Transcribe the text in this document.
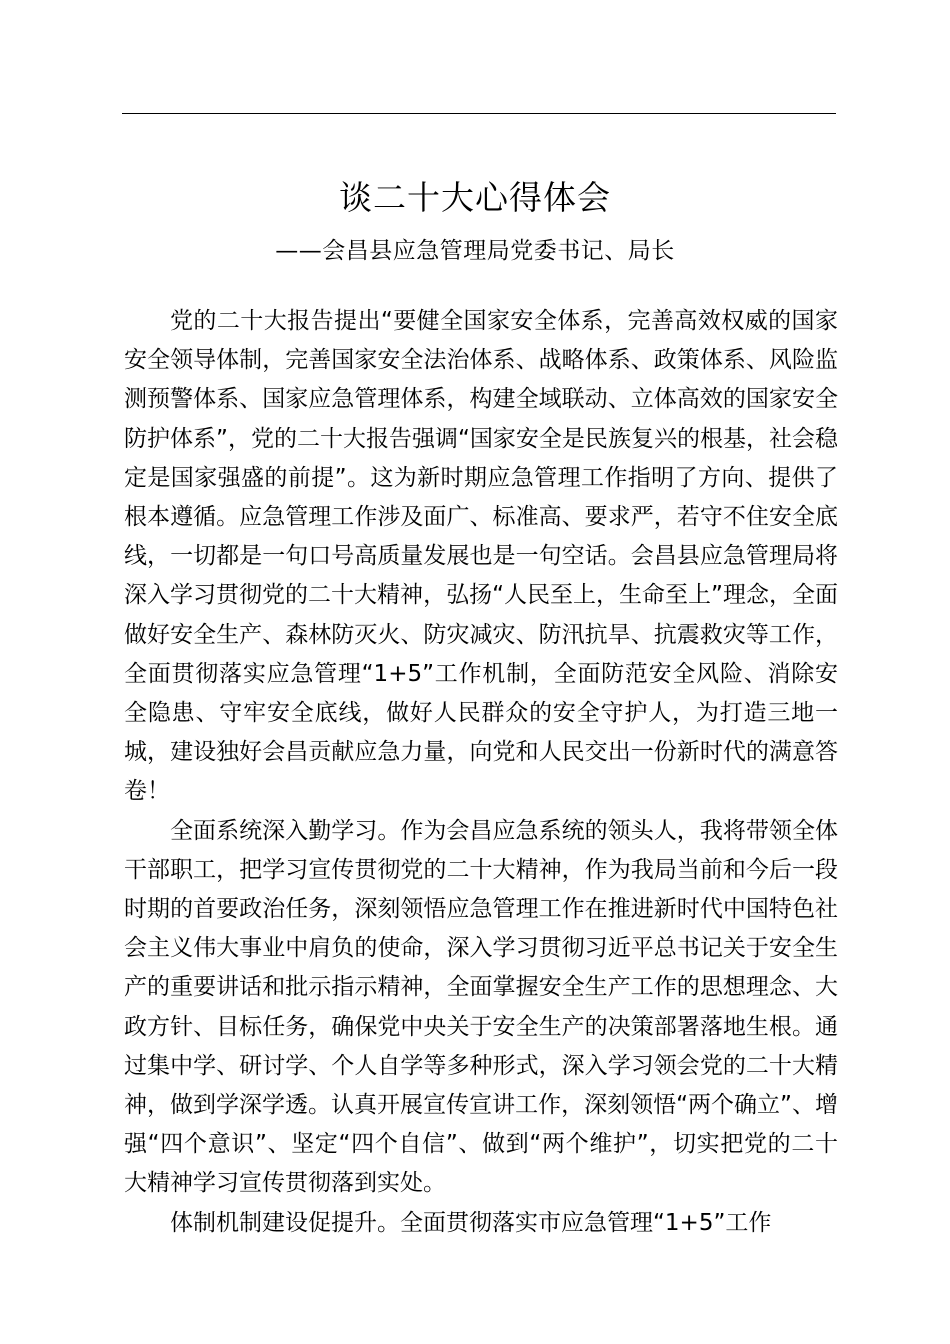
谈二十大心得体会
——会昌县应急管理局党委书记、局长

党的二十大报告提出“要健全国家安全体系，完善高效权威的国家安全领导体制，完善国家安全法治体系、战略体系、政策体系、风险监测预警体系、国家应急管理体系，构建全域联动、立体高效的国家安全防护体系”，党的二十大报告强调“国家安全是民族复兴的根基，社会稳定是国家强盛的前提”。这为新时期应急管理工作指明了方向、提供了根本遵循。应急管理工作涉及面广、标准高、要求严，若守不住安全底线，一切都是一句口号高质量发展也是一句空话。会昌县应急管理局将深入学习贯彻党的二十大精神，弘扬“人民至上，生命至上”理念，全面做好安全生产、森林防灭火、防灾减灾、防汛抗旱、抗震救灾等工作，全面贯彻落实应急管理“1+5”工作机制，全面防范安全风险、消除安全隐患、守牢安全底线，做好人民群众的安全守护人，为打造三地一城，建设独好会昌贡献应急力量，向党和人民交出一份新时代的满意答卷！

全面系统深入勤学习。作为会昌应急系统的领头人，我将带领全体干部职工，把学习宣传贯彻党的二十大精神，作为我局当前和今后一段时期的首要政治任务，深刻领悟应急管理工作在推进新时代中国特色社会主义伟大事业中肩负的使命，深入学习贯彻习近平总书记关于安全生产的重要讲话和批示指示精神，全面掌握安全生产工作的思想理念、大政方针、目标任务，确保党中央关于安全生产的决策部署落地生根。通过集中学、研讨学、个人自学等多种形式，深入学习领会党的二十大精神，做到学深学透。认真开展宣传宣讲工作，深刻领悟“两个确立”、增强“四个意识”、坚定“四个自信”、做到“两个维护”，切实把党的二十大精神学习宣传贯彻落到实处。

体制机制建设促提升。全面贯彻落实市应急管理“1+5”工作
